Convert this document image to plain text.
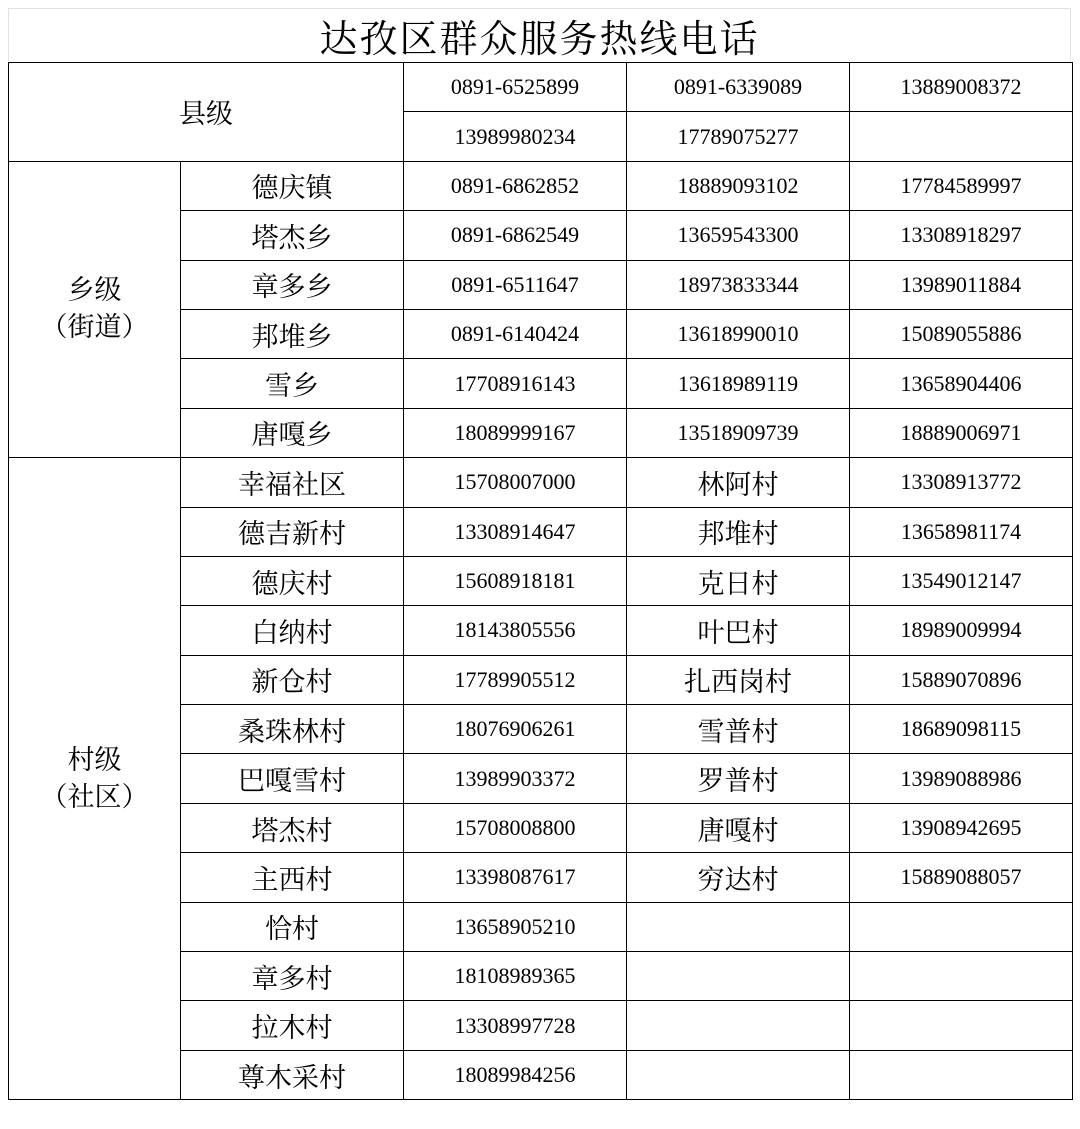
达孜区群众服务热线电话
县级		0891-6525899	0891-6339089	13889008372
		13989980234	17789075277	

乡级
（街道）	德庆镇	0891-6862852	18889093102	17784589997
	塔杰乡	0891-6862549	13659543300	13308918297
	章多乡	0891-6511647	18973833344	13989011884
	邦堆乡	0891-6140424	13618990010	15089055886
	雪乡	17708916143	13618989119	13658904406
	唐嘎乡	18089999167	13518909739	18889006971

村级
（社区）	幸福社区	15708007000	林阿村	13308913772
	德吉新村	13308914647	邦堆村	13658981174
	德庆村	15608918181	克日村	13549012147
	白纳村	18143805556	叶巴村	18989009994
	新仓村	17789905512	扎西岗村	15889070896
	桑珠林村	18076906261	雪普村	18689098115
	巴嘎雪村	13989903372	罗普村	13989088986
	塔杰村	15708008800	唐嘎村	13908942695
	主西村	13398087617	穷达村	15889088057
	恰村	13658905210		
	章多村	18108989365		
	拉木村	13308997728		
	尊木采村	18089984256		
